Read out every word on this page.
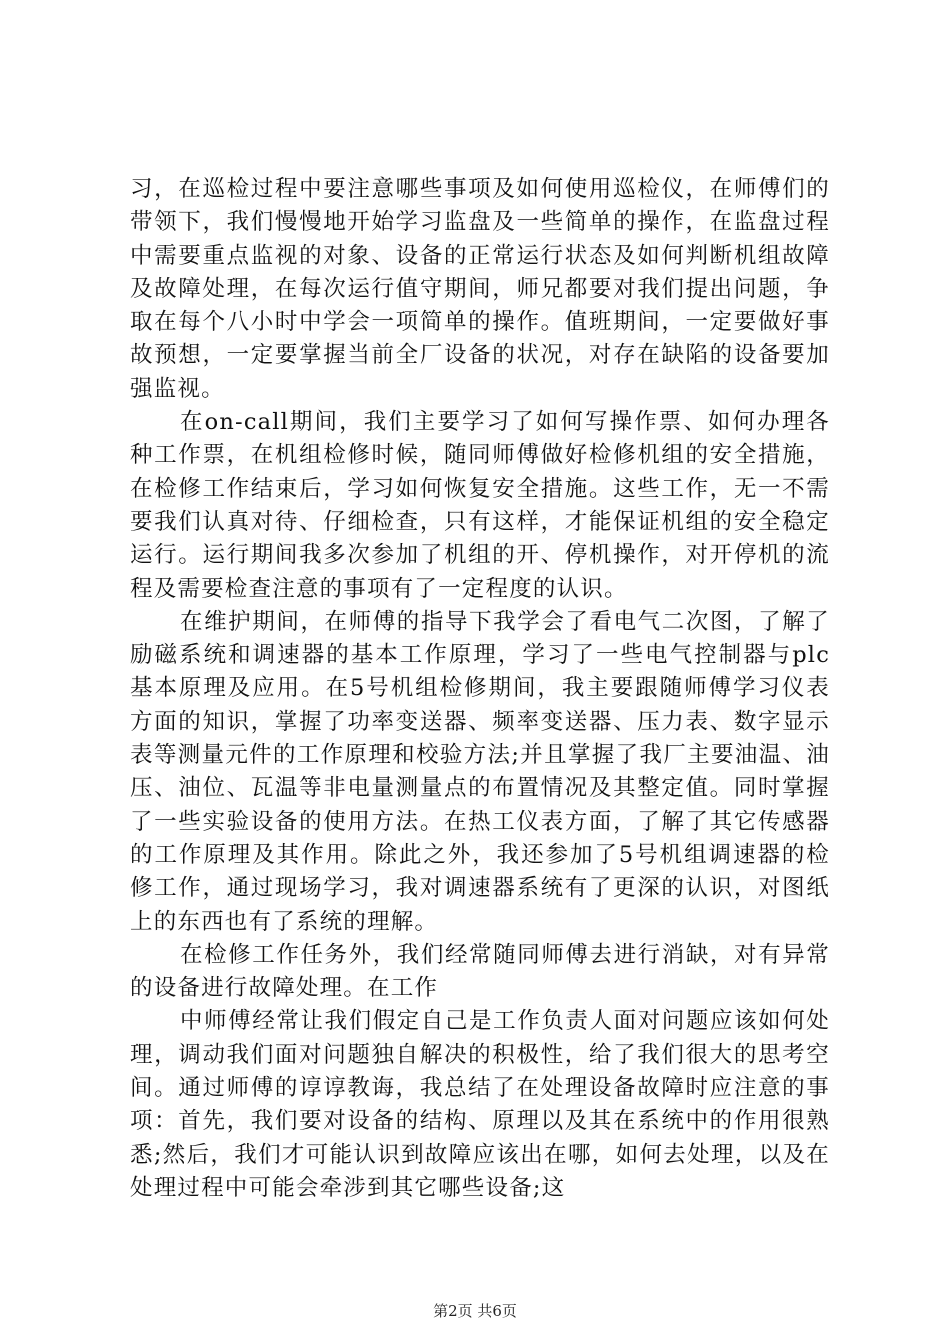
习，在巡检过程中要注意哪些事项及如何使用巡检仪，在师傅们的带领下，我们慢慢地开始学习监盘及一些简单的操作，在监盘过程中需要重点监视的对象、设备的正常运行状态及如何判断机组故障及故障处理，在每次运行值守期间，师兄都要对我们提出问题，争取在每个八小时中学会一项简单的操作。值班期间，一定要做好事故预想，一定要掌握当前全厂设备的状况，对存在缺陷的设备要加强监视。

在on-call期间，我们主要学习了如何写操作票、如何办理各种工作票，在机组检修时候，随同师傅做好检修机组的安全措施，在检修工作结束后，学习如何恢复安全措施。这些工作，无一不需要我们认真对待、仔细检查，只有这样，才能保证机组的安全稳定运行。运行期间我多次参加了机组的开、停机操作，对开停机的流程及需要检查注意的事项有了一定程度的认识。

在维护期间，在师傅的指导下我学会了看电气二次图，了解了励磁系统和调速器的基本工作原理，学习了一些电气控制器与plc基本原理及应用。在5号机组检修期间，我主要跟随师傅学习仪表方面的知识，掌握了功率变送器、频率变送器、压力表、数字显示表等测量元件的工作原理和校验方法;并且掌握了我厂主要油温、油压、油位、瓦温等非电量测量点的布置情况及其整定值。同时掌握了一些实验设备的使用方法。在热工仪表方面，了解了其它传感器的工作原理及其作用。除此之外，我还参加了5号机组调速器的检修工作，通过现场学习，我对调速器系统有了更深的认识，对图纸上的东西也有了系统的理解。

在检修工作任务外，我们经常随同师傅去进行消缺，对有异常的设备进行故障处理。在工作

中师傅经常让我们假定自己是工作负责人面对问题应该如何处理，调动我们面对问题独自解决的积极性，给了我们很大的思考空间。通过师傅的谆谆教诲，我总结了在处理设备故障时应注意的事项：首先，我们要对设备的结构、原理以及其在系统中的作用很熟悉;然后，我们才可能认识到故障应该出在哪，如何去处理，以及在处理过程中可能会牵涉到其它哪些设备;这

第2页 共6页
